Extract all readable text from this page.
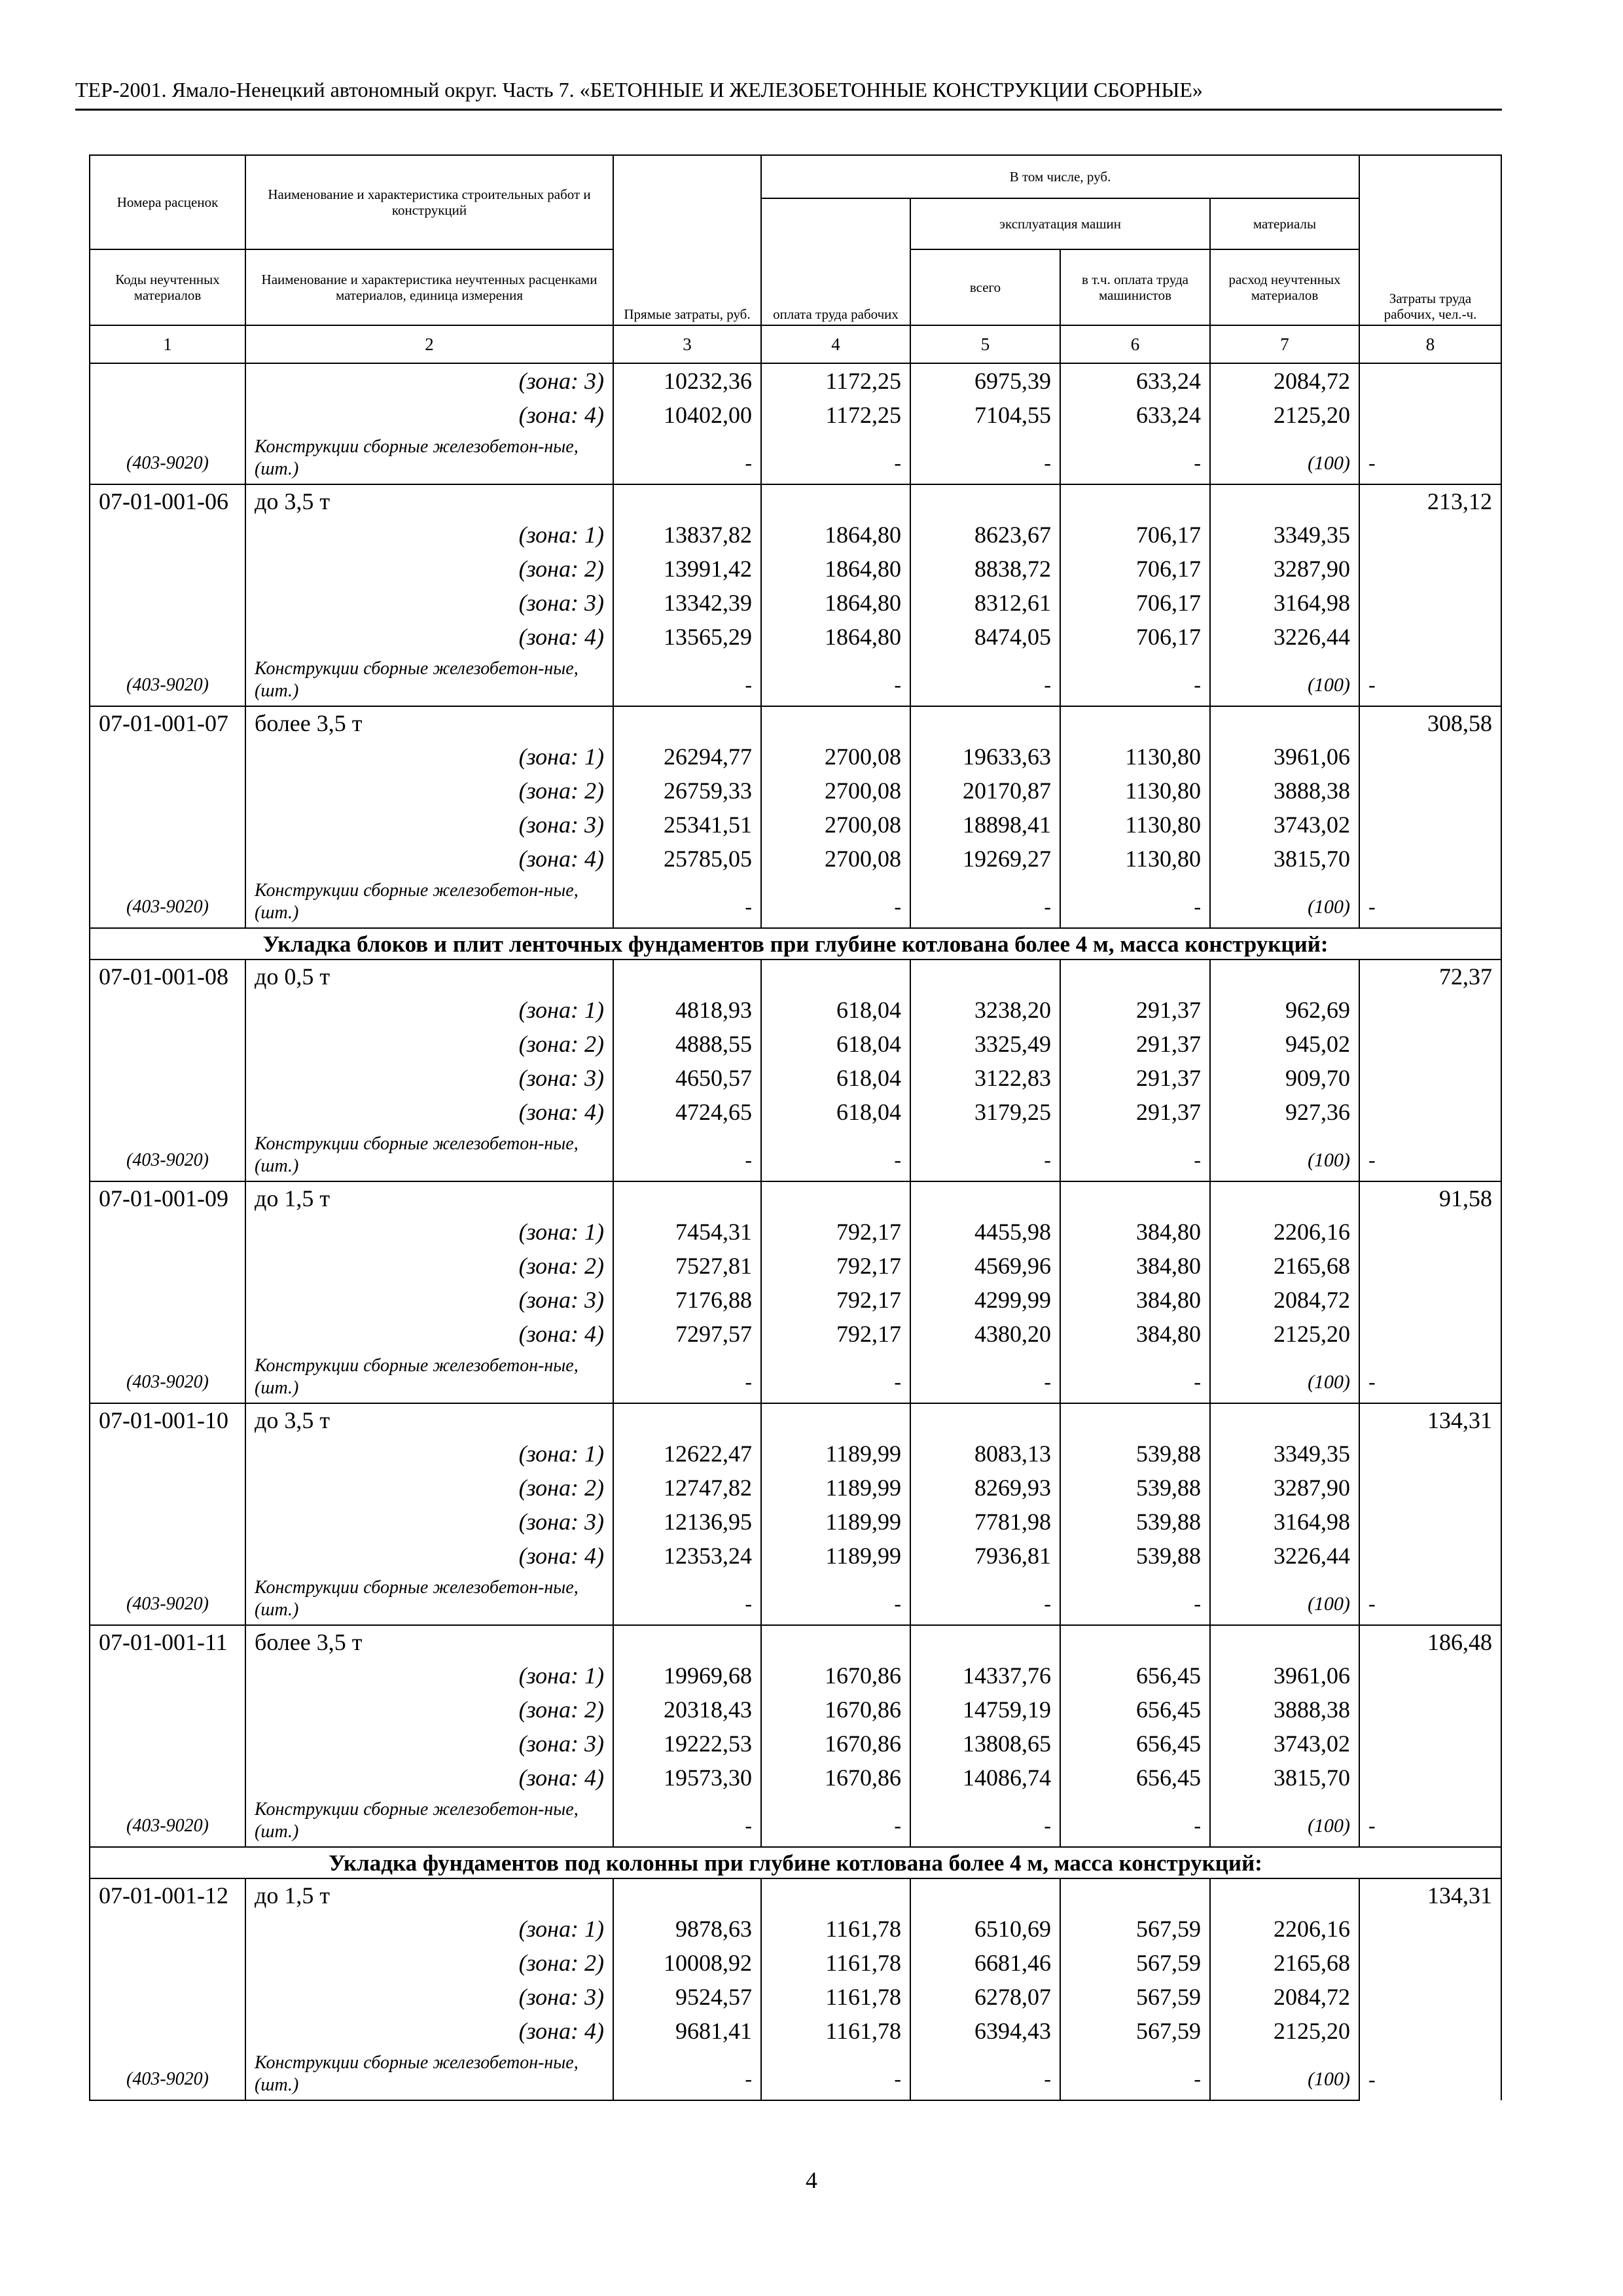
ТЕР-2001. Ямало-Ненецкий автономный округ. Часть 7. «БЕТОННЫЕ И ЖЕЛЕЗОБЕТОННЫЕ КОНСТРУКЦИИ СБОРНЫЕ»
Номера расценок	Наименование и характеристика строительных работ и конструкций	Прямые затраты, руб.	В том числе, руб.				Затраты труда рабочих, чел.-ч.
			оплата труда рабочих	эксплуатация машин		материалы	
Коды неучтенных материалов	Наименование и характеристика неучтенных расценками материалов, единица измерения			всего	в т.ч. оплата труда машинистов	расход неучтенных материалов	
1	2	3	4	5	6	7	8
	(зона: 3)	10232,36	1172,25	6975,39	633,24	2084,72	
	(зона: 4)	10402,00	1172,25	7104,55	633,24	2125,20	
(403-9020)	Конструкции сборные железобетон-ные, (шт.)	-	-	-	-	(100)	-
07-01-001-06	до 3,5 т						213,12
	(зона: 1)	13837,82	1864,80	8623,67	706,17	3349,35	
	(зона: 2)	13991,42	1864,80	8838,72	706,17	3287,90	
	(зона: 3)	13342,39	1864,80	8312,61	706,17	3164,98	
	(зона: 4)	13565,29	1864,80	8474,05	706,17	3226,44	
(403-9020)	Конструкции сборные железобетон-ные, (шт.)	-	-	-	-	(100)	-
07-01-001-07	более 3,5 т						308,58
	(зона: 1)	26294,77	2700,08	19633,63	1130,80	3961,06	
	(зона: 2)	26759,33	2700,08	20170,87	1130,80	3888,38	
	(зона: 3)	25341,51	2700,08	18898,41	1130,80	3743,02	
	(зона: 4)	25785,05	2700,08	19269,27	1130,80	3815,70	
(403-9020)	Конструкции сборные железобетон-ные, (шт.)	-	-	-	-	(100)	-
Укладка блоков и плит ленточных фундаментов при глубине котлована более 4 м, масса конструкций:							
07-01-001-08	до 0,5 т						72,37
	(зона: 1)	4818,93	618,04	3238,20	291,37	962,69	
	(зона: 2)	4888,55	618,04	3325,49	291,37	945,02	
	(зона: 3)	4650,57	618,04	3122,83	291,37	909,70	
	(зона: 4)	4724,65	618,04	3179,25	291,37	927,36	
(403-9020)	Конструкции сборные железобетон-ные, (шт.)	-	-	-	-	(100)	-
07-01-001-09	до 1,5 т						91,58
	(зона: 1)	7454,31	792,17	4455,98	384,80	2206,16	
	(зона: 2)	7527,81	792,17	4569,96	384,80	2165,68	
	(зона: 3)	7176,88	792,17	4299,99	384,80	2084,72	
	(зона: 4)	7297,57	792,17	4380,20	384,80	2125,20	
(403-9020)	Конструкции сборные железобетон-ные, (шт.)	-	-	-	-	(100)	-
07-01-001-10	до 3,5 т						134,31
	(зона: 1)	12622,47	1189,99	8083,13	539,88	3349,35	
	(зона: 2)	12747,82	1189,99	8269,93	539,88	3287,90	
	(зона: 3)	12136,95	1189,99	7781,98	539,88	3164,98	
	(зона: 4)	12353,24	1189,99	7936,81	539,88	3226,44	
(403-9020)	Конструкции сборные железобетон-ные, (шт.)	-	-	-	-	(100)	-
07-01-001-11	более 3,5 т						186,48
	(зона: 1)	19969,68	1670,86	14337,76	656,45	3961,06	
	(зона: 2)	20318,43	1670,86	14759,19	656,45	3888,38	
	(зона: 3)	19222,53	1670,86	13808,65	656,45	3743,02	
	(зона: 4)	19573,30	1670,86	14086,74	656,45	3815,70	
(403-9020)	Конструкции сборные железобетон-ные, (шт.)	-	-	-	-	(100)	-
Укладка фундаментов под колонны при глубине котлована более 4 м, масса конструкций:							
07-01-001-12	до 1,5 т						134,31
	(зона: 1)	9878,63	1161,78	6510,69	567,59	2206,16	
	(зона: 2)	10008,92	1161,78	6681,46	567,59	2165,68	
	(зона: 3)	9524,57	1161,78	6278,07	567,59	2084,72	
	(зона: 4)	9681,41	1161,78	6394,43	567,59	2125,20	
(403-9020)	Конструкции сборные железобетон-ные, (шт.)	-	-	-	-	(100)	-
4
